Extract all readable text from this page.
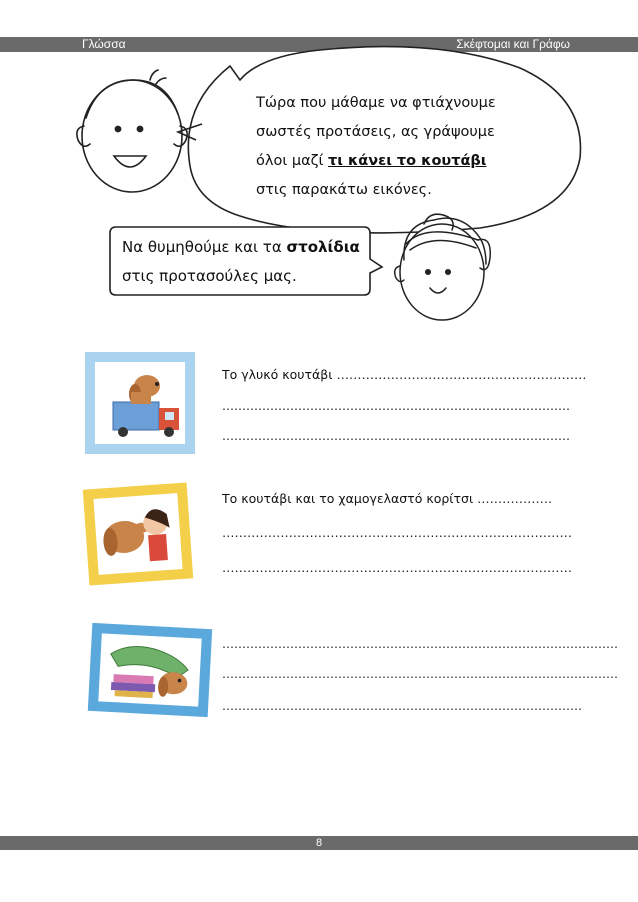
Γλώσσα	Σκέφτομαι και Γράφω
Τώρα που μάθαμε να φτιάχνουμε
σωστές προτάσεις, ας γράψουμε
όλοι μαζί τι κάνει το κουτάβι
στις παρακάτω εικόνες.
Να θυμηθούμε και τα στολίδια
στις προτασούλες μας.
Το γλυκό κουτάβι ……………………………………………………
……………………………………………………………………………
……………………………………………………………………………
Το κουτάβι και το χαμογελαστό κορίτσι ………………
…………………………………………………………………………
…………………………………………………………………………
………………………………………………………………………………………
………………………………………………………………………………………
………………………………………………………………………………
8
